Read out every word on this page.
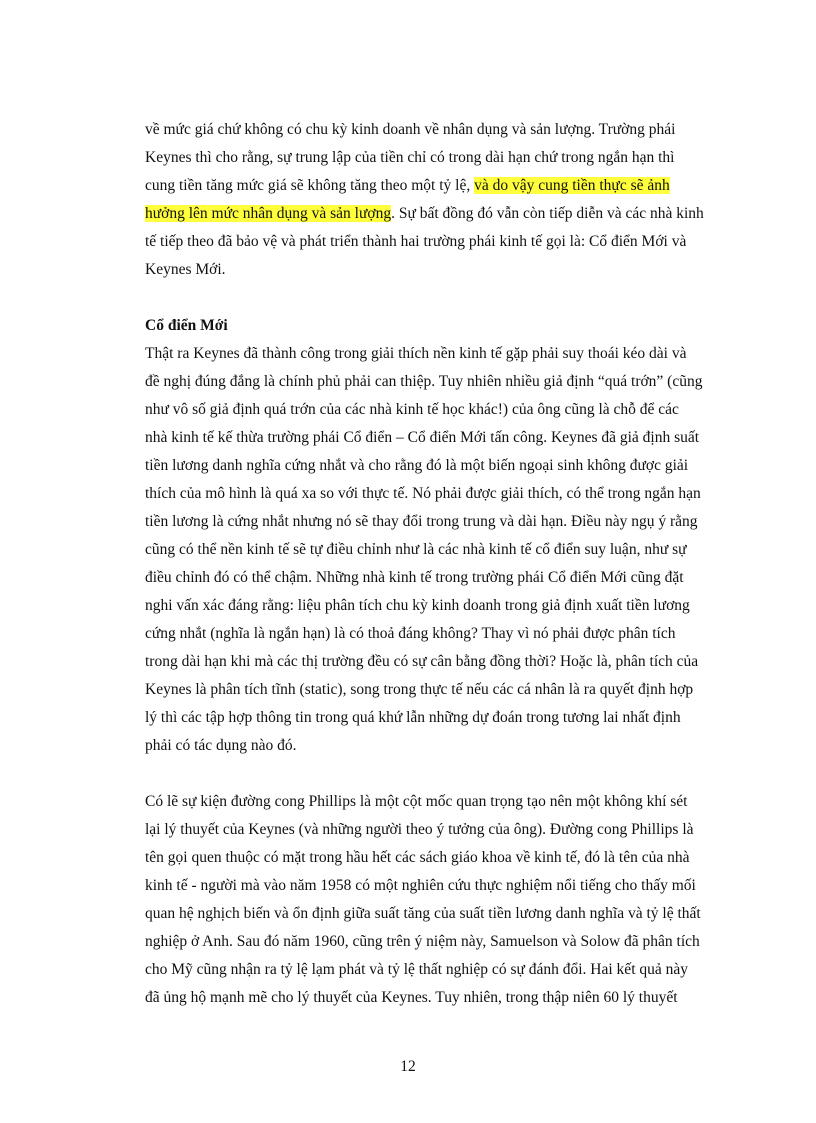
về mức giá chứ không có chu kỳ kinh doanh về nhân dụng và sản lượng. Trường phái
Keynes thì cho rằng, sự trung lập của tiền chỉ có trong dài hạn chứ trong ngắn hạn thì
cung tiền tăng mức giá sẽ không tăng theo một tỷ lệ, và do vậy cung tiền thực sẽ ảnh
hưởng lên mức nhân dụng và sản lượng. Sự bất đồng đó vẫn còn tiếp diễn và các nhà kinh
tế tiếp theo đã bảo vệ và phát triển thành hai trường phái kinh tế gọi là: Cổ điển Mới và
Keynes Mới.
Cổ điển Mới
Thật ra Keynes đã thành công trong giải thích nền kinh tế gặp phải suy thoái kéo dài và
đề nghị đúng đắng là chính phủ phải can thiệp. Tuy nhiên nhiều giả định “quá trớn” (cũng
như vô số giả định quá trớn của các nhà kinh tế học khác!) của ông cũng là chỗ để các
nhà kinh tế kế thừa trường phái Cổ điển – Cổ điển Mới tấn công. Keynes đã giả định suất
tiền lương danh nghĩa cứng nhắt và cho rằng đó là một biến ngoại sinh không được giải
thích của mô hình là quá xa so với thực tế. Nó phải được giải thích, có thể trong ngắn hạn
tiền lương là cứng nhắt nhưng nó sẽ thay đổi trong trung và dài hạn. Điều này ngụ ý rằng
cũng có thể nền kinh tế sẽ tự điều chỉnh như là các nhà kinh tế cổ điển suy luận, như sự
điều chỉnh đó có thể chậm. Những nhà kinh tế trong trường phái Cổ điển Mới cũng đặt
nghi vấn xác đáng rằng: liệu phân tích chu kỳ kinh doanh trong giả định xuất tiền lương
cứng nhắt (nghĩa là ngắn hạn) là có thoả đáng không? Thay vì nó phải được phân tích
trong dài hạn khi mà các thị trường đều có sự cân bằng đồng thời? Hoặc là, phân tích của
Keynes là phân tích tĩnh (static), song trong thực tế nếu các cá nhân là ra quyết định hợp
lý thì các tập hợp thông tin trong quá khứ lẫn những dự đoán trong tương lai nhất định
phải có tác dụng nào đó.
Có lẽ sự kiện đường cong Phillips là một cột mốc quan trọng tạo nên một không khí sét
lại lý thuyết của Keynes (và những người theo ý tưởng của ông). Đường cong Phillips là
tên gọi quen thuộc có mặt trong hầu hết các sách giáo khoa về kinh tế, đó là tên của nhà
kinh tế - người mà vào năm 1958 có một nghiên cứu thực nghiệm nổi tiếng cho thấy mối
quan hệ nghịch biến và ổn định giữa suất tăng của suất tiền lương danh nghĩa và tỷ lệ thất
nghiệp ở Anh. Sau đó năm 1960, cũng trên ý niệm này, Samuelson và Solow đã phân tích
cho Mỹ cũng nhận ra tỷ lệ lạm phát và tỷ lệ thất nghiệp có sự đánh đổi. Hai kết quả này
đã ủng hộ mạnh mẽ cho lý thuyết của Keynes. Tuy nhiên, trong thập niên 60 lý thuyết
12
